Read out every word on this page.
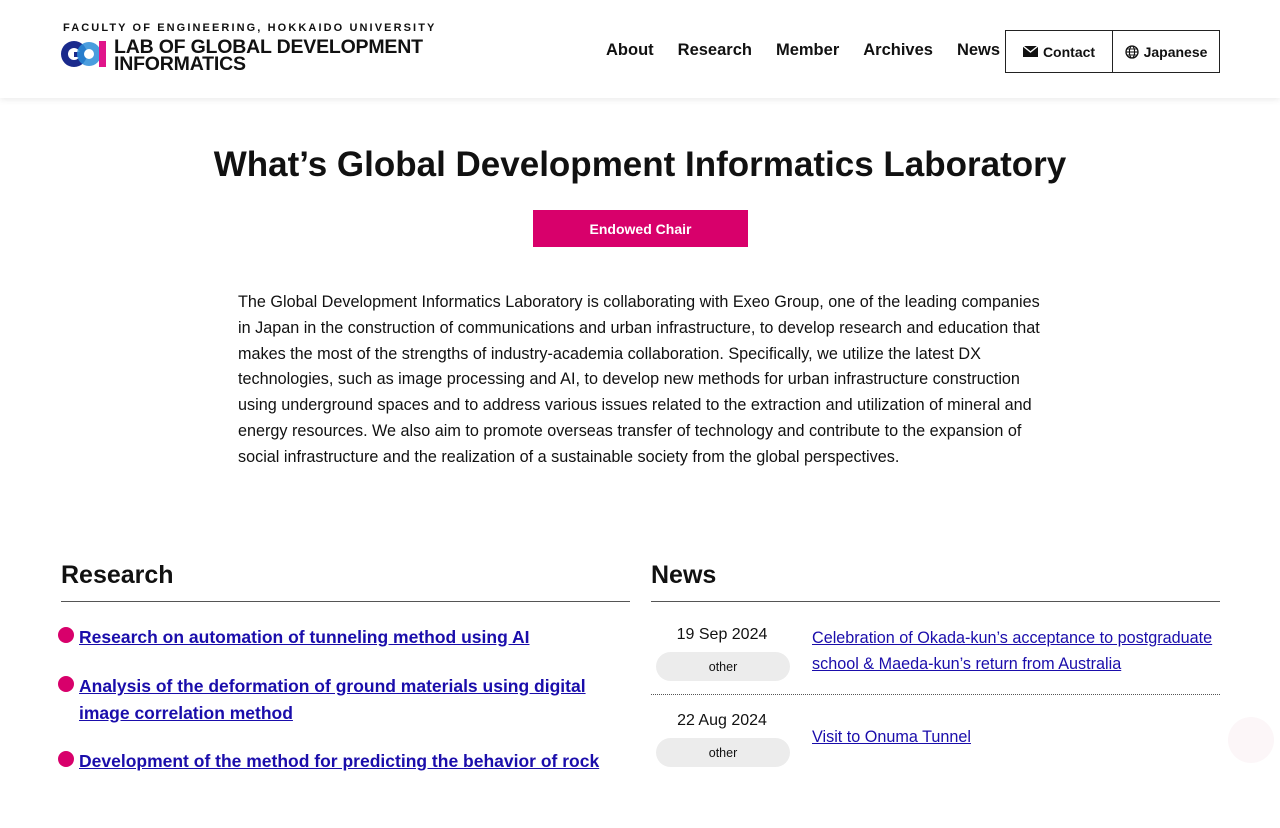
FACULTY OF ENGINEERING, HOKKAIDO UNIVERSITY
LAB OF GLOBAL DEVELOPMENT
INFORMATICS
About Research Member Archives News	Contact	Japanese
What’s Global Development Informatics Laboratory
Endowed Chair

The Global Development Informatics Laboratory is collaborating with Exeo Group, one of the leading companies in Japan in the construction of communications and urban infrastructure, to develop research and education that makes the most of the strengths of industry-academia collaboration. Specifically, we utilize the latest DX technologies, such as image processing and AI, to develop new methods for urban infrastructure construction using underground spaces and to address various issues related to the extraction and utilization of mineral and energy resources. We also aim to promote overseas transfer of technology and contribute to the expansion of social infrastructure and the realization of a sustainable society from the global perspectives.

Research
Research on automation of tunneling method using AI
Analysis of the deformation of ground materials using digital image correlation method
Development of the method for predicting the behavior of rock
News
19 Sep 2024
other
Celebration of Okada-kun’s acceptance to postgraduate school & Maeda-kun’s return from Australia
22 Aug 2024
other
Visit to Onuma Tunnel
